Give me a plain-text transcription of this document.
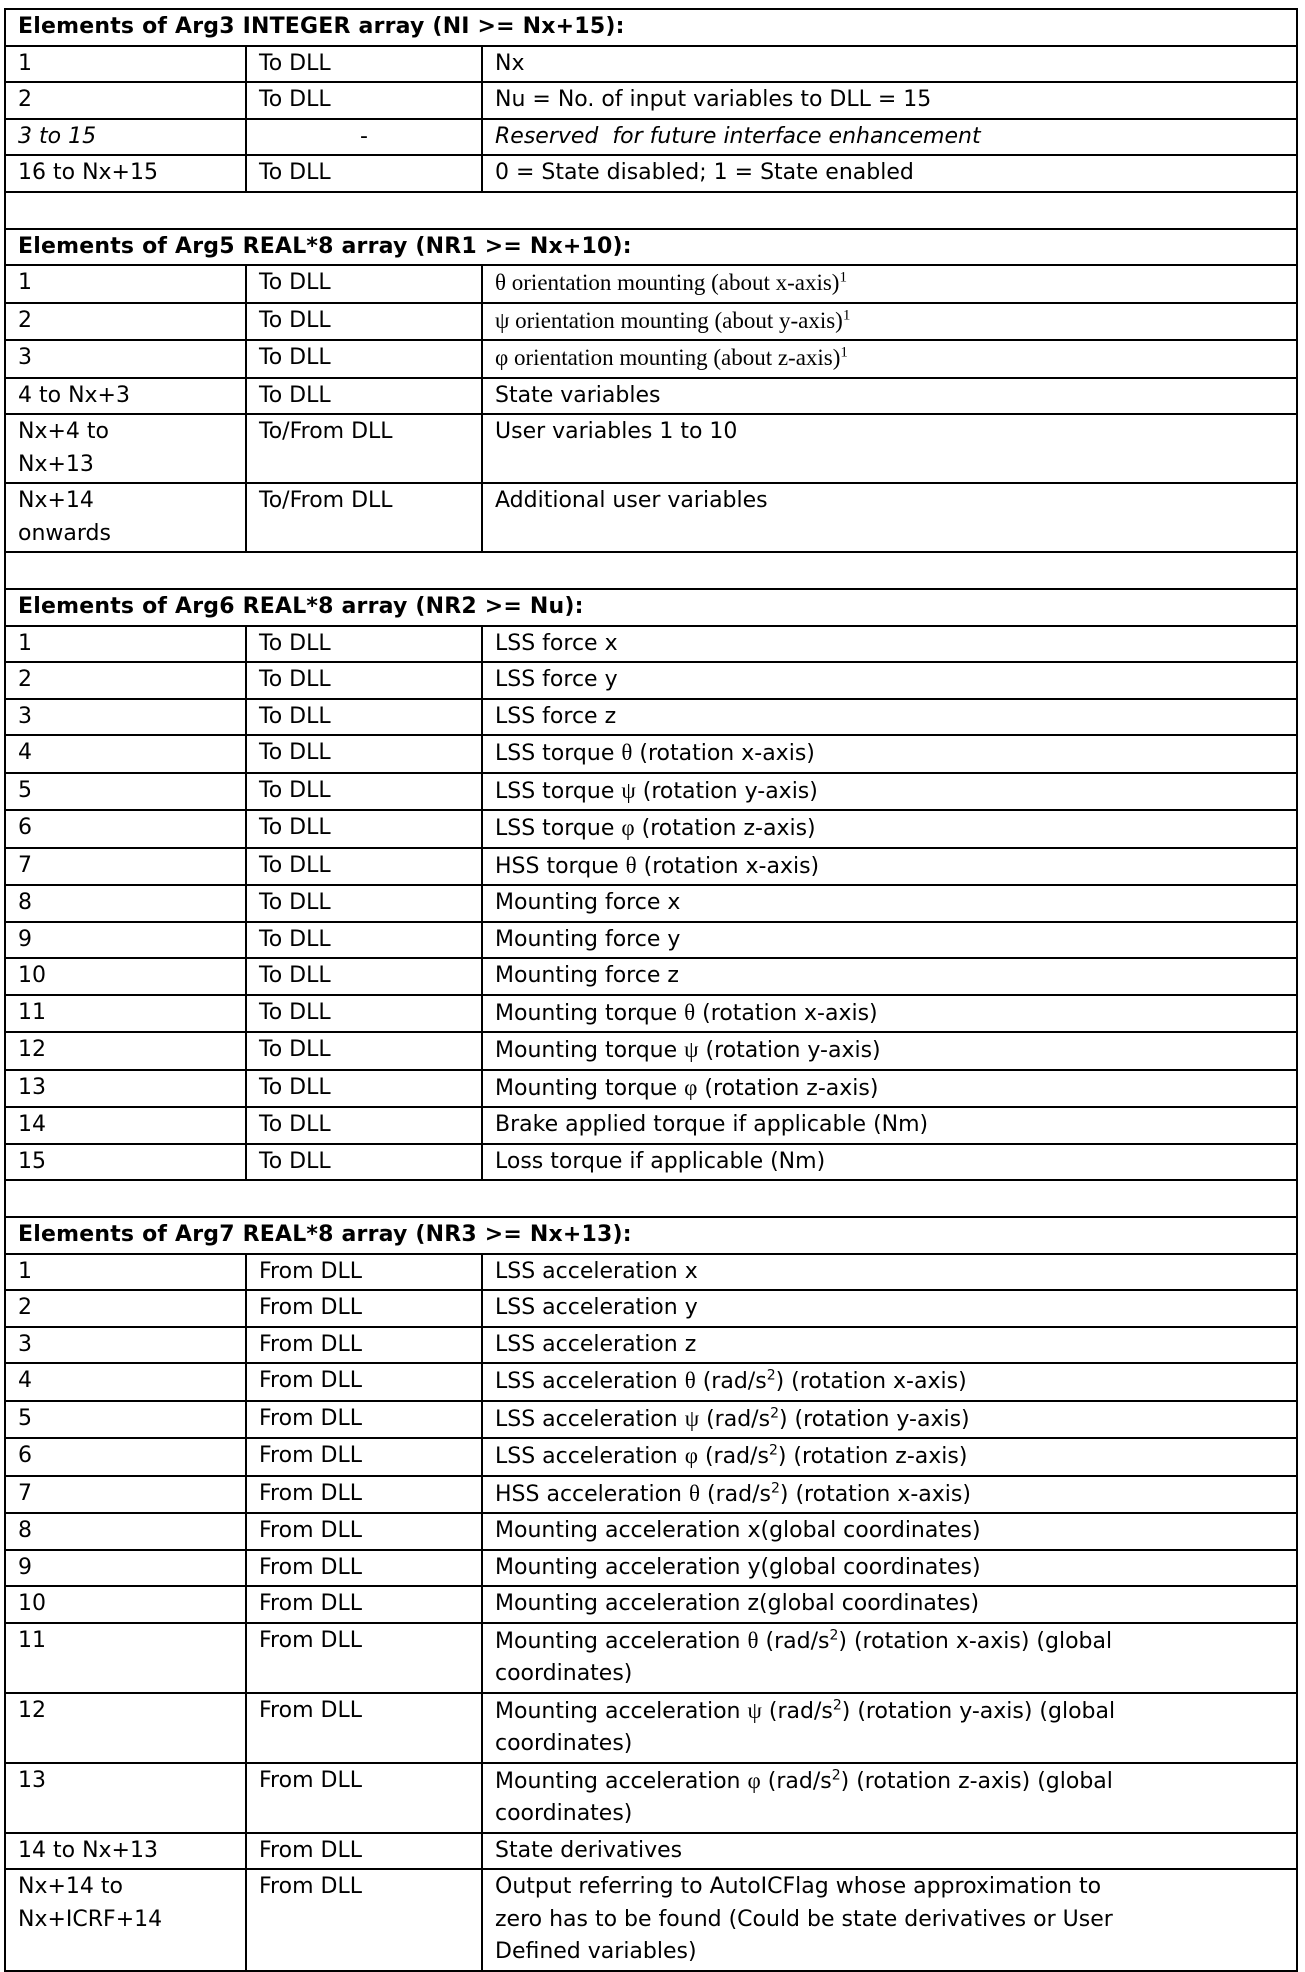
Elements of Arg3 INTEGER array (NI >= Nx+15):		
1	To DLL	Nx
2	To DLL	Nu = No. of input variables to DLL = 15
3 to 15	-	Reserved  for future interface enhancement
16 to Nx+15	To DLL	0 = State disabled; 1 = State enabled

Elements of Arg5 REAL*8 array (NR1 >= Nx+10):		
1	To DLL	θ orientation mounting (about x-axis)$^1$
2	To DLL	ψ orientation mounting (about y-axis)$^1$
3	To DLL	φ orientation mounting (about z-axis)$^1$
4 to Nx+3	To DLL	State variables
Nx+4 to
Nx+13	To/From DLL	User variables 1 to 10
Nx+14
onwards	To/From DLL	Additional user variables

Elements of Arg6 REAL*8 array (NR2 >= Nu):		
1	To DLL	LSS force x
2	To DLL	LSS force y
3	To DLL	LSS force z
4	To DLL	LSS torque θ (rotation x-axis)
5	To DLL	LSS torque ψ (rotation y-axis)
6	To DLL	LSS torque φ (rotation z-axis)
7	To DLL	HSS torque θ (rotation x-axis)
8	To DLL	Mounting force x
9	To DLL	Mounting force y
10	To DLL	Mounting force z
11	To DLL	Mounting torque θ (rotation x-axis)
12	To DLL	Mounting torque ψ (rotation y-axis)
13	To DLL	Mounting torque φ (rotation z-axis)
14	To DLL	Brake applied torque if applicable (Nm)
15	To DLL	Loss torque if applicable (Nm)

Elements of Arg7 REAL*8 array (NR3 >= Nx+13):		
1	From DLL	LSS acceleration x
2	From DLL	LSS acceleration y
3	From DLL	LSS acceleration z
4	From DLL	LSS acceleration θ $(rad/s^2)$ (rotation x-axis)
5	From DLL	LSS acceleration ψ $(rad/s^2)$ (rotation y-axis)
6	From DLL	LSS acceleration φ $(rad/s^2)$ (rotation z-axis)
7	From DLL	HSS acceleration θ $(rad/s^2)$ (rotation x-axis)
8	From DLL	Mounting acceleration x(global coordinates)
9	From DLL	Mounting acceleration y(global coordinates)
10	From DLL	Mounting acceleration z(global coordinates)
11	From DLL	Mounting acceleration θ $(rad/s^2)$ (rotation x-axis) (global
coordinates)
12	From DLL	Mounting acceleration ψ $(rad/s^2)$ (rotation y-axis) (global
coordinates)
13	From DLL	Mounting acceleration φ $(rad/s^2)$ (rotation z-axis) (global
coordinates)
14 to Nx+13	From DLL	State derivatives
Nx+14 to
Nx+ICRF+14	From DLL	Output referring to AutoICFlag whose approximation to
zero has to be found (Could be state derivatives or User
Defined variables)
